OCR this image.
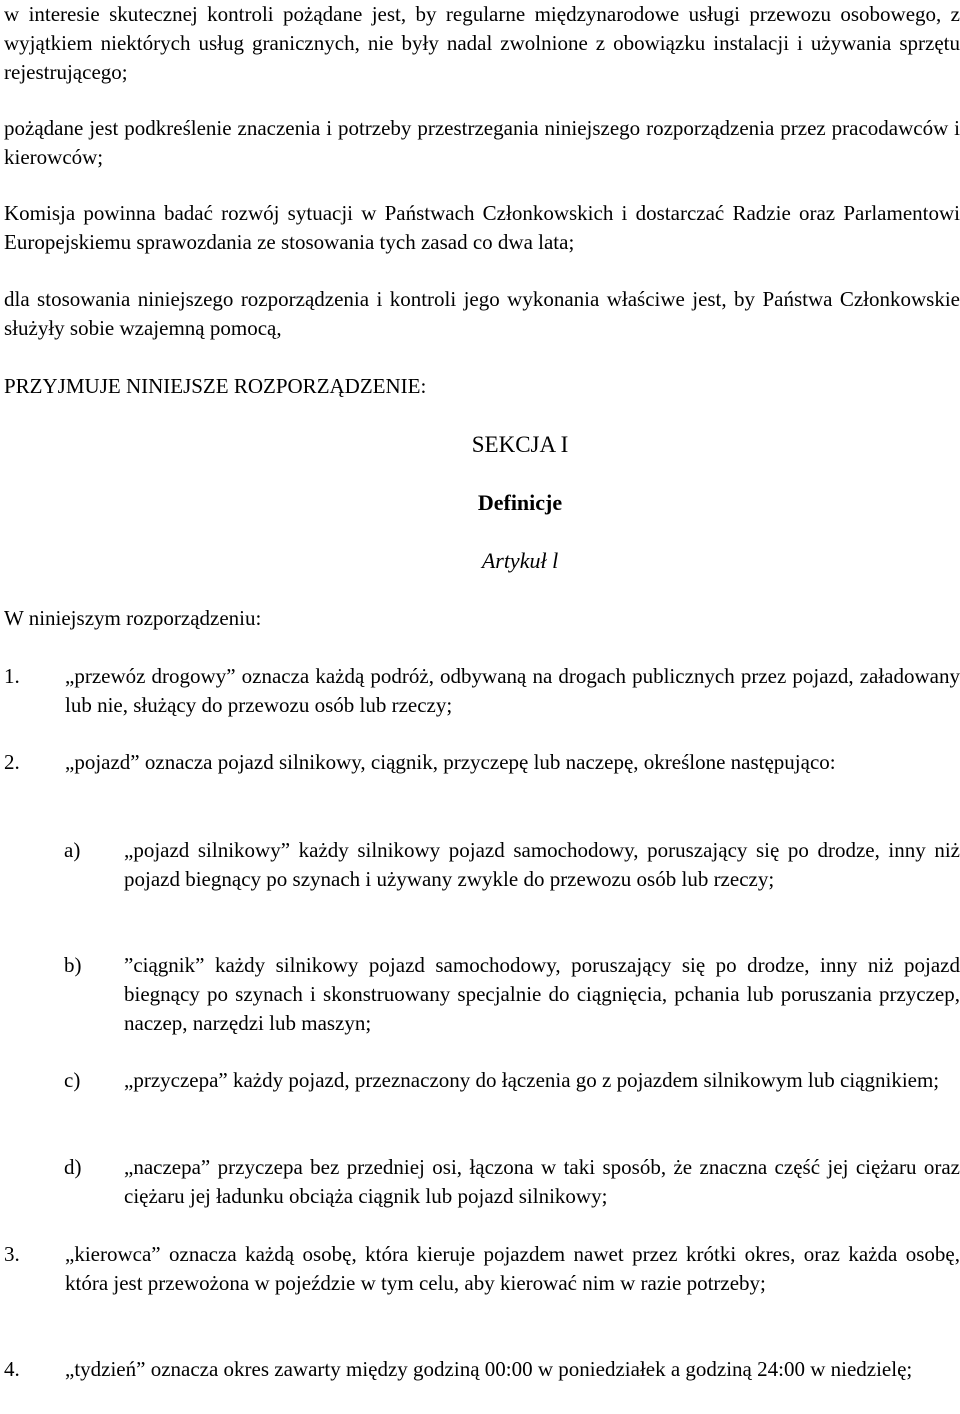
w interesie skutecznej kontroli pożądane jest, by regularne międzynarodowe usługi przewozu osobowego, z wyjątkiem niektórych usług granicznych, nie były nadal zwolnione z obowiązku instalacji i używania sprzętu rejestrującego;

pożądane jest podkreślenie znaczenia i potrzeby przestrzegania niniejszego rozporządzenia przez pracodawców i kierowców;

Komisja powinna badać rozwój sytuacji w Państwach Członkowskich i dostarczać Radzie oraz Parlamentowi Europejskiemu sprawozdania ze stosowania tych zasad co dwa lata;

dla stosowania niniejszego rozporządzenia i kontroli jego wykonania właściwe jest, by Państwa Członkowskie służyły sobie wzajemną pomocą,

PRZYJMUJE NINIEJSZE ROZPORZĄDZENIE:

SEKCJA I

Definicje

Artykuł l

W niniejszym rozporządzeniu:

1. „przewóz drogowy” oznacza każdą podróż, odbywaną na drogach publicznych przez pojazd, załadowany lub nie, służący do przewozu osób lub rzeczy;
2. „pojazd” oznacza pojazd silnikowy, ciągnik, przyczepę lub naczepę, określone następująco:
a) „pojazd silnikowy” każdy silnikowy pojazd samochodowy, poruszający się po drodze, inny niż pojazd biegnący po szynach i używany zwykle do przewozu osób lub rzeczy;
b) ”ciągnik” każdy silnikowy pojazd samochodowy, poruszający się po drodze, inny niż pojazd biegnący po szynach i skonstruowany specjalnie do ciągnięcia, pchania lub poruszania przyczep, naczep, narzędzi lub maszyn;
c) „przyczepa” każdy pojazd, przeznaczony do łączenia go z pojazdem silnikowym lub ciągnikiem;
d) „naczepa” przyczepa bez przedniej osi, łączona w taki sposób, że znaczna część jej ciężaru oraz ciężaru jej ładunku obciąża ciągnik lub pojazd silnikowy;
3. „kierowca” oznacza każdą osobę, która kieruje pojazdem nawet przez krótki okres, oraz każda osobę, która jest przewożona w pojeździe w tym celu, aby kierować nim w razie potrzeby;
4. „tydzień” oznacza okres zawarty między godziną 00:00 w poniedziałek a godziną 24:00 w niedzielę;
